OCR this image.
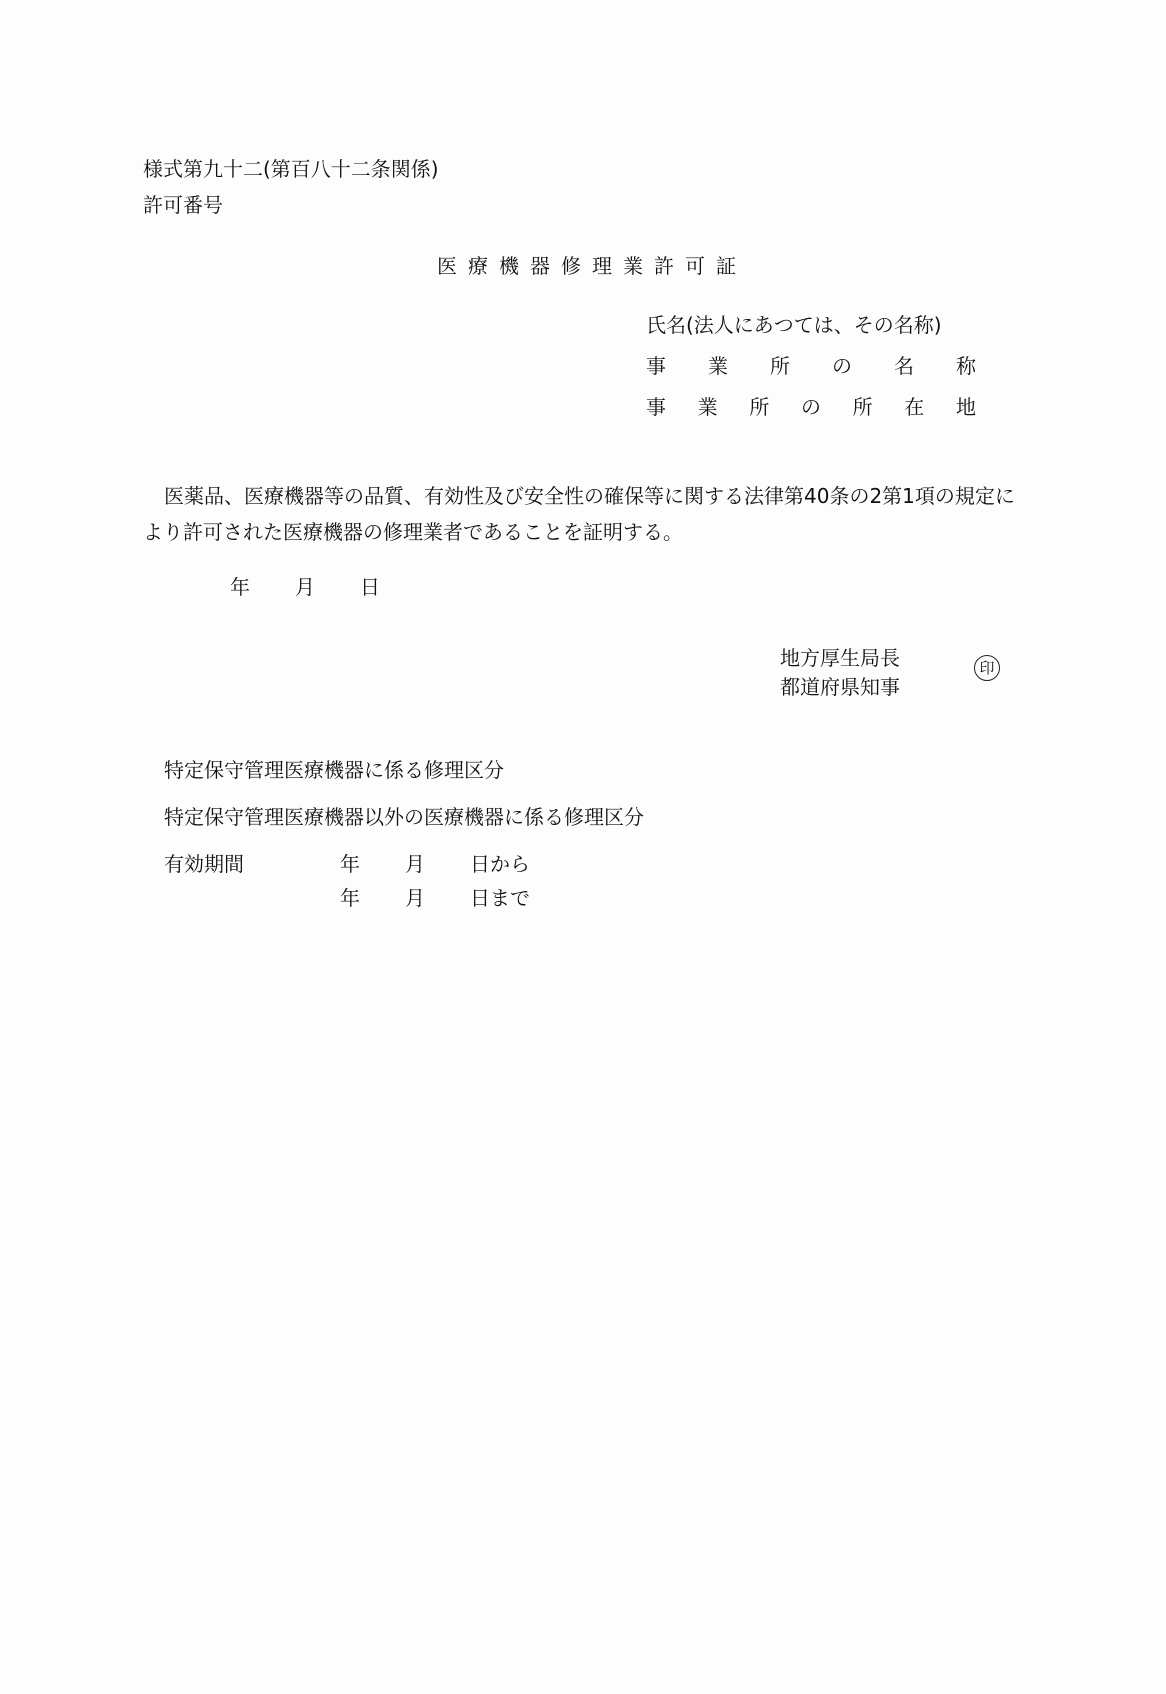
様式第九十二(第百八十二条関係)
許可番号
医療機器修理業許可証
氏名(法人にあつては、その名称)
事 業 所 の 名 称
事 業 所 の 所 在 地
医薬品、医療機器等の品質、有効性及び安全性の確保等に関する法律第40条の2第1項の規定により許可された医療機器の修理業者であることを証明する。
年	月	日
地方厚生局長
都道府県知事
印
特定保守管理医療機器に係る修理区分
特定保守管理医療機器以外の医療機器に係る修理区分
有効期間	年	月	日から
年	月	日まで
